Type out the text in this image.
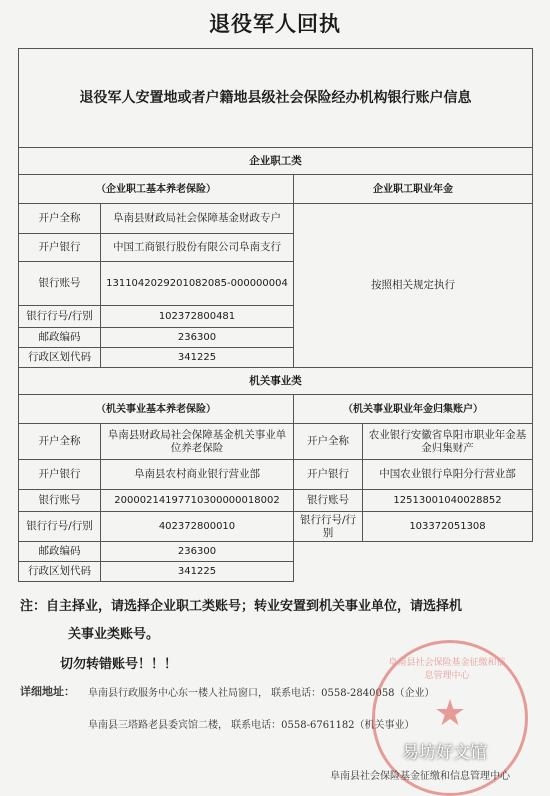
退役军人回执
退役军人安置地或者户籍地县级社会保险经办机构银行账户信息			
企业职工类			
（企业职工基本养老保险）		企业职工职业年金	
开户全称	阜南县财政局社会保障基金财政专户	按照相关规定执行	
开户银行	中国工商银行股份有限公司阜南支行		
银行账号	1311042029201082085-000000004		
银行行号/行别	102372800481		
邮政编码	236300		
行政区划代码	341225		
机关事业类			
（机关事业基本养老保险）		（机关事业职业年金归集账户）	
开户全称	阜南县财政局社会保障基金机关事业单位养老保险	开户全称	农业银行安徽省阜阳市职业年金基金归集财产
开户银行	阜南县农村商业银行营业部	开户银行	中国农业银行阜阳分行营业部
银行账号	20000214197710300000018002	银行账号	12513001040028852
银行行号/行别	402372800010	银行行号/行别	103372051308
邮政编码	236300		
行政区划代码	341225		
注：自主择业，请选择企业职工类账号；转业安置到机关事业单位，请选择机
关事业类账号。
切勿转错账号！！！
详细地址： 阜南县行政服务中心东一楼人社局窗口， 联系电话：0558-2840058（企业）
阜南县三塔路老县委宾馆二楼， 联系电话：0558-6761182（机关事业）
阜南县社会保险基金征缴和信息管理中心
★
易坊好文馆
阜南县社会保险基金征缴和信息管理中心
